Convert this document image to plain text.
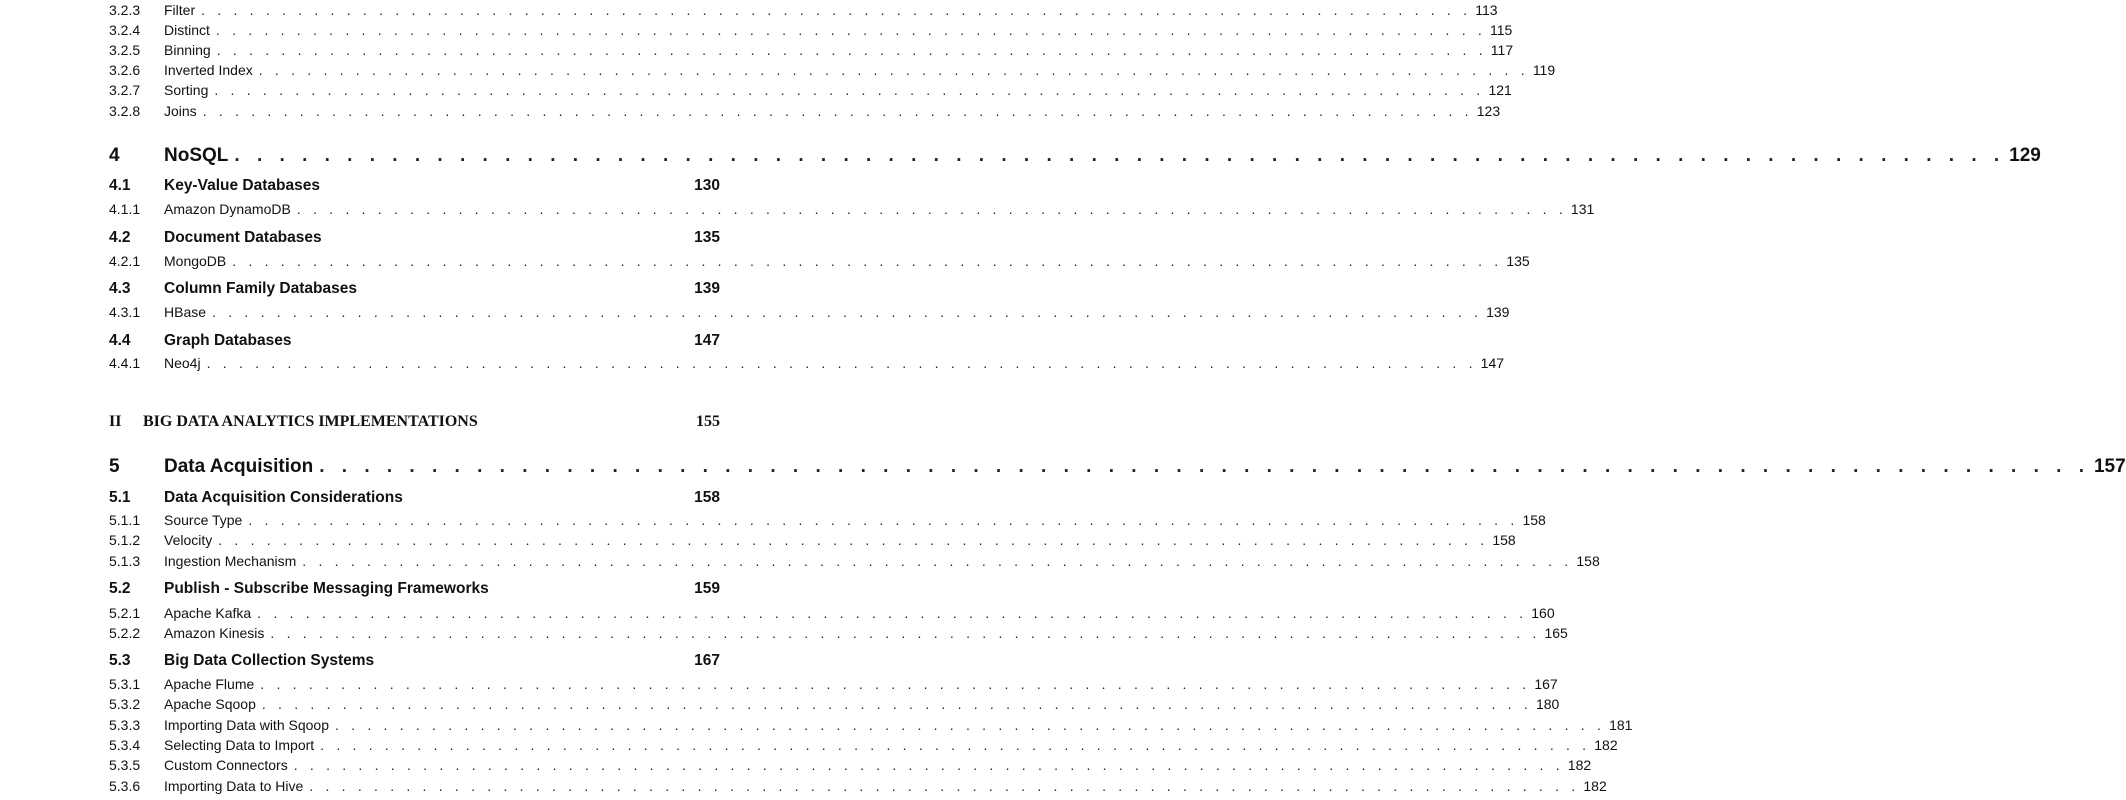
3.2.3	Filter . . . . . . . . . . . . . . . . . . . . . . . . . . . . . . . . . . . . . . . . . . . . . . . . . . . . . . . . . . . . . . . . . . . . . . . . . . . . . . . 113
3.2.4	Distinct . . . . . . . . . . . . . . . . . . . . . . . . . . . . . . . . . . . . . . . . . . . . . . . . . . . . . . . . . . . . . . . . . . . . . . . . . . . . . . . 115
3.2.5	Binning . . . . . . . . . . . . . . . . . . . . . . . . . . . . . . . . . . . . . . . . . . . . . . . . . . . . . . . . . . . . . . . . . . . . . . . . . . . . . . . 117
3.2.6	Inverted Index . . . . . . . . . . . . . . . . . . . . . . . . . . . . . . . . . . . . . . . . . . . . . . . . . . . . . . . . . . . . . . . . . . . . . . . . . . . . . . . 119
3.2.7	Sorting . . . . . . . . . . . . . . . . . . . . . . . . . . . . . . . . . . . . . . . . . . . . . . . . . . . . . . . . . . . . . . . . . . . . . . . . . . . . . . . 121
3.2.8	Joins . . . . . . . . . . . . . . . . . . . . . . . . . . . . . . . . . . . . . . . . . . . . . . . . . . . . . . . . . . . . . . . . . . . . . . . . . . . . . . . 123
4	NoSQL . . . . . . . . . . . . . . . . . . . . . . . . . . . . . . . . . . . . . . . . . . . . . . . . . . . . . . . . . . . . . . . . . . . . . . . . . . . . . . . 129
4.1	Key-Value Databases	130
4.1.1	Amazon DynamoDB . . . . . . . . . . . . . . . . . . . . . . . . . . . . . . . . . . . . . . . . . . . . . . . . . . . . . . . . . . . . . . . . . . . . . . . . . . . . . . . 131
4.2	Document Databases	135
4.2.1	MongoDB . . . . . . . . . . . . . . . . . . . . . . . . . . . . . . . . . . . . . . . . . . . . . . . . . . . . . . . . . . . . . . . . . . . . . . . . . . . . . . . 135
4.3	Column Family Databases	139
4.3.1	HBase . . . . . . . . . . . . . . . . . . . . . . . . . . . . . . . . . . . . . . . . . . . . . . . . . . . . . . . . . . . . . . . . . . . . . . . . . . . . . . . 139
4.4	Graph Databases	147
4.4.1	Neo4j . . . . . . . . . . . . . . . . . . . . . . . . . . . . . . . . . . . . . . . . . . . . . . . . . . . . . . . . . . . . . . . . . . . . . . . . . . . . . . . 147
II	BIG DATA ANALYTICS IMPLEMENTATIONS	155
5	Data Acquisition . . . . . . . . . . . . . . . . . . . . . . . . . . . . . . . . . . . . . . . . . . . . . . . . . . . . . . . . . . . . . . . . . . . . . . . . . . . . . . . 157
5.1	Data Acquisition Considerations	158
5.1.1	Source Type . . . . . . . . . . . . . . . . . . . . . . . . . . . . . . . . . . . . . . . . . . . . . . . . . . . . . . . . . . . . . . . . . . . . . . . . . . . . . . . 158
5.1.2	Velocity . . . . . . . . . . . . . . . . . . . . . . . . . . . . . . . . . . . . . . . . . . . . . . . . . . . . . . . . . . . . . . . . . . . . . . . . . . . . . . . 158
5.1.3	Ingestion Mechanism . . . . . . . . . . . . . . . . . . . . . . . . . . . . . . . . . . . . . . . . . . . . . . . . . . . . . . . . . . . . . . . . . . . . . . . . . . . . . . . 158
5.2	Publish - Subscribe Messaging Frameworks	159
5.2.1	Apache Kafka . . . . . . . . . . . . . . . . . . . . . . . . . . . . . . . . . . . . . . . . . . . . . . . . . . . . . . . . . . . . . . . . . . . . . . . . . . . . . . . 160
5.2.2	Amazon Kinesis . . . . . . . . . . . . . . . . . . . . . . . . . . . . . . . . . . . . . . . . . . . . . . . . . . . . . . . . . . . . . . . . . . . . . . . . . . . . . . . 165
5.3	Big Data Collection Systems	167
5.3.1	Apache Flume . . . . . . . . . . . . . . . . . . . . . . . . . . . . . . . . . . . . . . . . . . . . . . . . . . . . . . . . . . . . . . . . . . . . . . . . . . . . . . . 167
5.3.2	Apache Sqoop . . . . . . . . . . . . . . . . . . . . . . . . . . . . . . . . . . . . . . . . . . . . . . . . . . . . . . . . . . . . . . . . . . . . . . . . . . . . . . . 180
5.3.3	Importing Data with Sqoop . . . . . . . . . . . . . . . . . . . . . . . . . . . . . . . . . . . . . . . . . . . . . . . . . . . . . . . . . . . . . . . . . . . . . . . . . . . . . . . 181
5.3.4	Selecting Data to Import . . . . . . . . . . . . . . . . . . . . . . . . . . . . . . . . . . . . . . . . . . . . . . . . . . . . . . . . . . . . . . . . . . . . . . . . . . . . . . . 182
5.3.5	Custom Connectors . . . . . . . . . . . . . . . . . . . . . . . . . . . . . . . . . . . . . . . . . . . . . . . . . . . . . . . . . . . . . . . . . . . . . . . . . . . . . . . 182
5.3.6	Importing Data to Hive . . . . . . . . . . . . . . . . . . . . . . . . . . . . . . . . . . . . . . . . . . . . . . . . . . . . . . . . . . . . . . . . . . . . . . . . . . . . . . . 182
